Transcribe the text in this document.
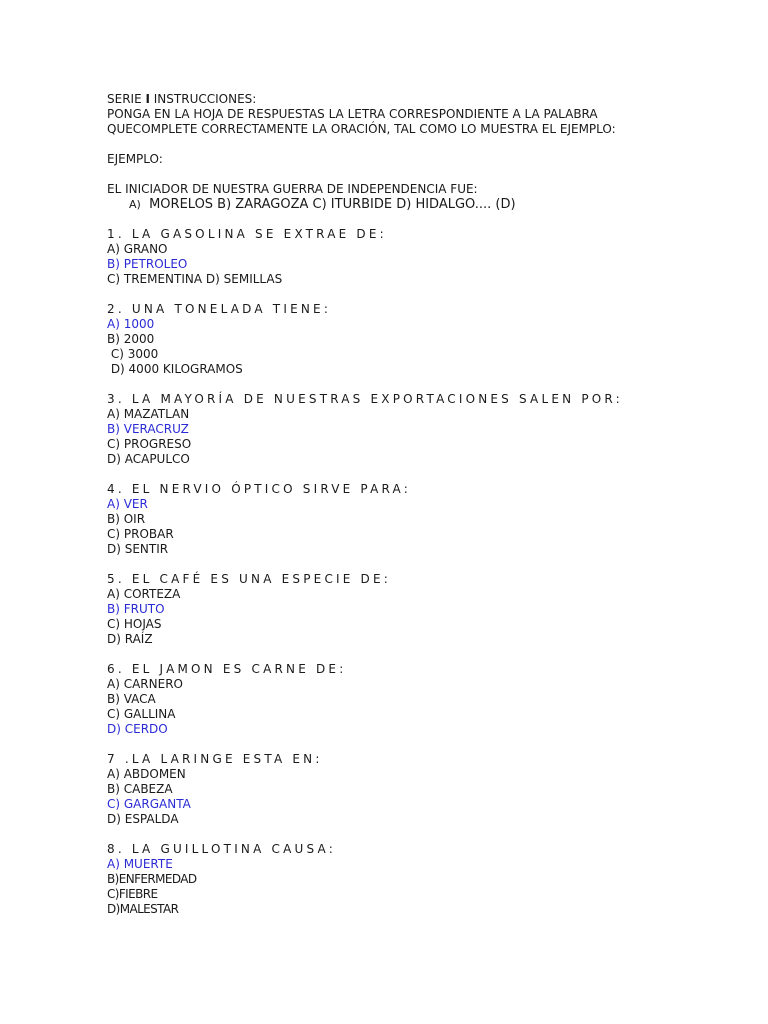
SERIE I INSTRUCCIONES:

PONGA EN LA HOJA DE RESPUESTAS LA LETRA CORRESPONDIENTE A LA PALABRA

QUECOMPLETE CORRECTAMENTE LA ORACIÓN, TAL COMO LO MUESTRA EL EJEMPLO:

EJEMPLO:

EL INICIADOR DE NUESTRA GUERRA DE INDEPENDENCIA FUE:

A)  MORELOS B) ZARAGOZA C) ITURBIDE D) HIDALGO.... (D)

1. LA GASOLINA SE EXTRAE DE:

A) GRANO

B) PETROLEO

C) TREMENTINA D) SEMILLAS

2. UNA TONELADA TIENE:

A) 1000

B) 2000

C) 3000

D) 4000 KILOGRAMOS

3. LA MAYORÍA DE NUESTRAS EXPORTACIONES SALEN POR:

A) MAZATLAN

B) VERACRUZ

C) PROGRESO

D) ACAPULCO

4. EL NERVIO ÓPTICO SIRVE PARA:

A) VER

B) OIR

C) PROBAR

D) SENTIR

5. EL CAFÉ ES UNA ESPECIE DE:

A) CORTEZA

B) FRUTO

C) HOJAS

D) RAÍZ

6. EL JAMON ES CARNE DE:

A) CARNERO

B) VACA

C) GALLINA

D) CERDO

7 .LA LARINGE ESTA EN:

A) ABDOMEN

B) CABEZA

C) GARGANTA

D) ESPALDA

8. LA GUILLOTINA CAUSA:

A) MUERTE

B)ENFERMEDAD

C)FIEBRE

D)MALESTAR
